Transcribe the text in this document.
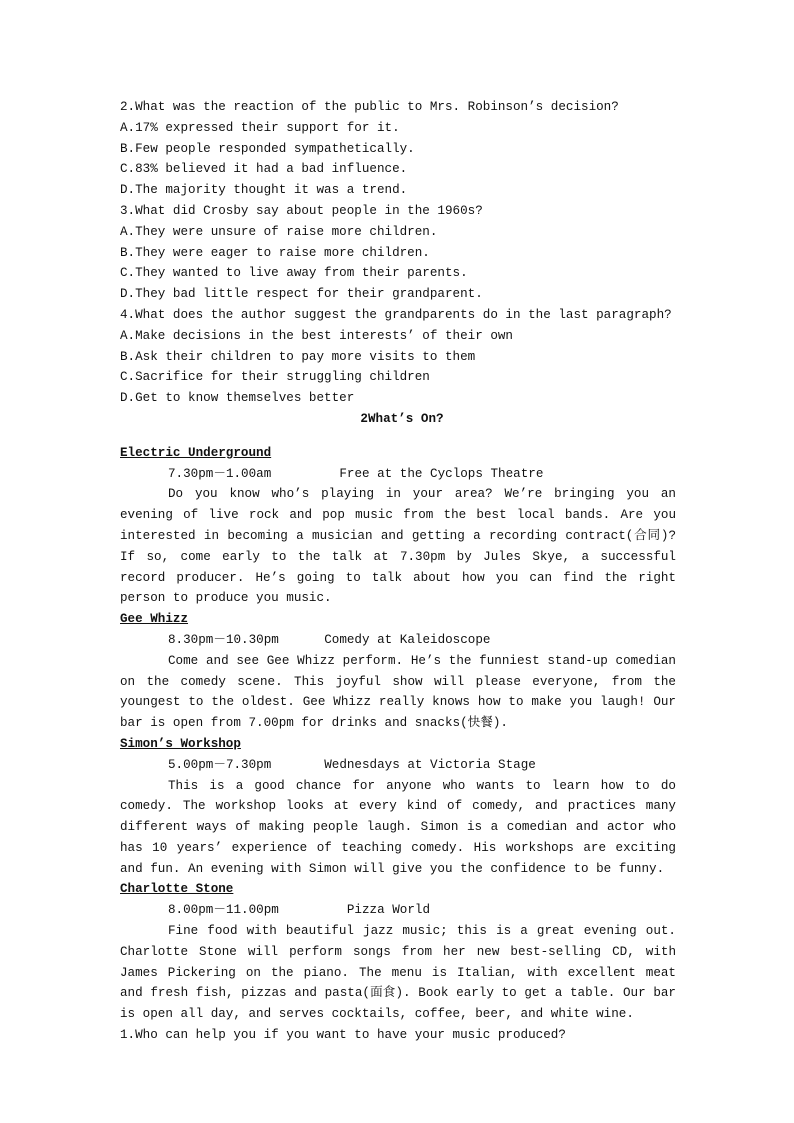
2.What was the reaction of the public to Mrs. Robinson’s decision?
A.17% expressed their support for it.
B.Few people responded sympathetically.
C.83% believed it had a bad influence.
D.The majority thought it was a trend.
3.What did Crosby say about people in the 1960s?
A.They were unsure of raise more children.
B.They were eager to raise more children.
C.They wanted to live away from their parents.
D.They bad little respect for their grandparent.
4.What does the author suggest the grandparents do in the last paragraph?
A.Make decisions in the best interests’ of their own
B.Ask their children to pay more visits to them
C.Sacrifice for their struggling children
D.Get to know themselves better
2What’s On?
Electric Underground
7.30pm－1.00am	Free at the Cyclops Theatre
Do you know who’s playing in your area? We’re bringing you an evening of live rock and pop music from the best local bands. Are you interested in becoming a musician and getting a recording contract(合同)? If so, come early to the talk at 7.30pm by Jules Skye, a successful record producer. He’s going to talk about how you can find the right person to produce you music.
Gee Whizz
8.30pm－10.30pm	Comedy at Kaleidoscope
Come and see Gee Whizz perform. He’s the funniest stand-up comedian on the comedy scene. This joyful show will please everyone, from the youngest to the oldest. Gee Whizz really knows how to make you laugh! Our bar is open from 7.00pm for drinks and snacks(快餐).
Simon’s Workshop
5.00pm－7.30pm	Wednesdays at Victoria Stage
This is a good chance for anyone who wants to learn how to do comedy. The workshop looks at every kind of comedy, and practices many different ways of making people laugh. Simon is a comedian and actor who has 10 years’ experience of teaching comedy. His workshops are exciting and fun. An evening with Simon will give you the confidence to be funny.
Charlotte Stone
8.00pm－11.00pm	Pizza World
Fine food with beautiful jazz music; this is a great evening out. Charlotte Stone will perform songs from her new best-selling CD, with James Pickering on the piano. The menu is Italian, with excellent meat and fresh fish, pizzas and pasta(面食). Book early to get a table. Our bar is open all day, and serves cocktails, coffee, beer, and white wine.
1.Who can help you if you want to have your music produced?
